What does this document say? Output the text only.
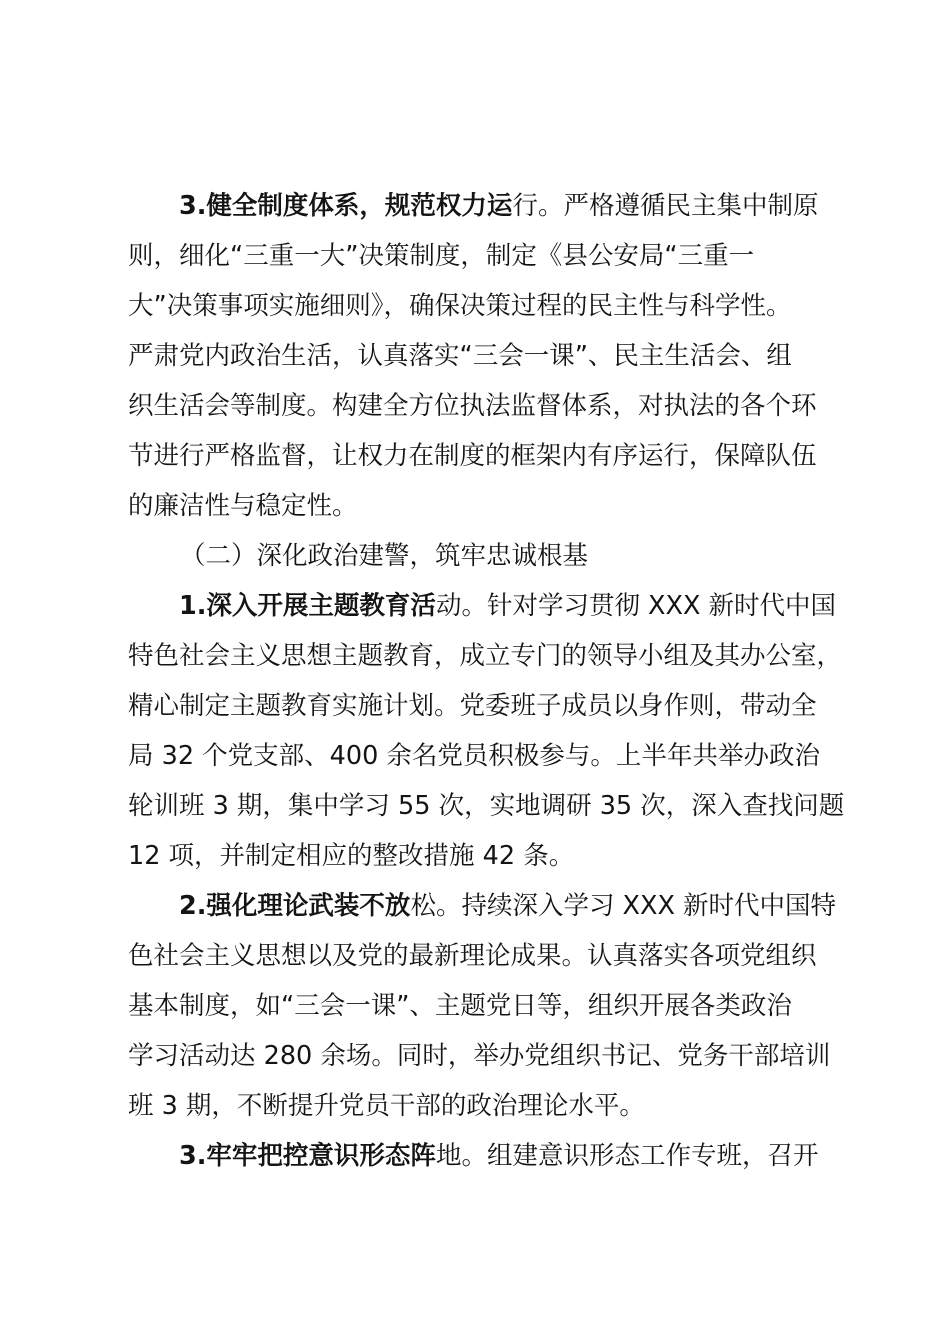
3.健全制度体系，规范权力运行。严格遵循民主集中制原
则，细化“三重一大”决策制度，制定《县公安局“三重一
大”决策事项实施细则》，确保决策过程的民主性与科学性。
严肃党内政治生活，认真落实“三会一课”、民主生活会、组
织生活会等制度。构建全方位执法监督体系，对执法的各个环
节进行严格监督，让权力在制度的框架内有序运行，保障队伍
的廉洁性与稳定性。
（二）深化政治建警，筑牢忠诚根基
1.深入开展主题教育活动。针对学习贯彻 XXX 新时代中国
特色社会主义思想主题教育，成立专门的领导小组及其办公室，
精心制定主题教育实施计划。党委班子成员以身作则，带动全
局 32 个党支部、400 余名党员积极参与。上半年共举办政治
轮训班 3 期，集中学习 55 次，实地调研 35 次，深入查找问题
12 项，并制定相应的整改措施 42 条。
2.强化理论武装不放松。持续深入学习 XXX 新时代中国特
色社会主义思想以及党的最新理论成果。认真落实各项党组织
基本制度，如“三会一课”、主题党日等，组织开展各类政治
学习活动达 280 余场。同时，举办党组织书记、党务干部培训
班 3 期，不断提升党员干部的政治理论水平。
3.牢牢把控意识形态阵地。组建意识形态工作专班，召开
